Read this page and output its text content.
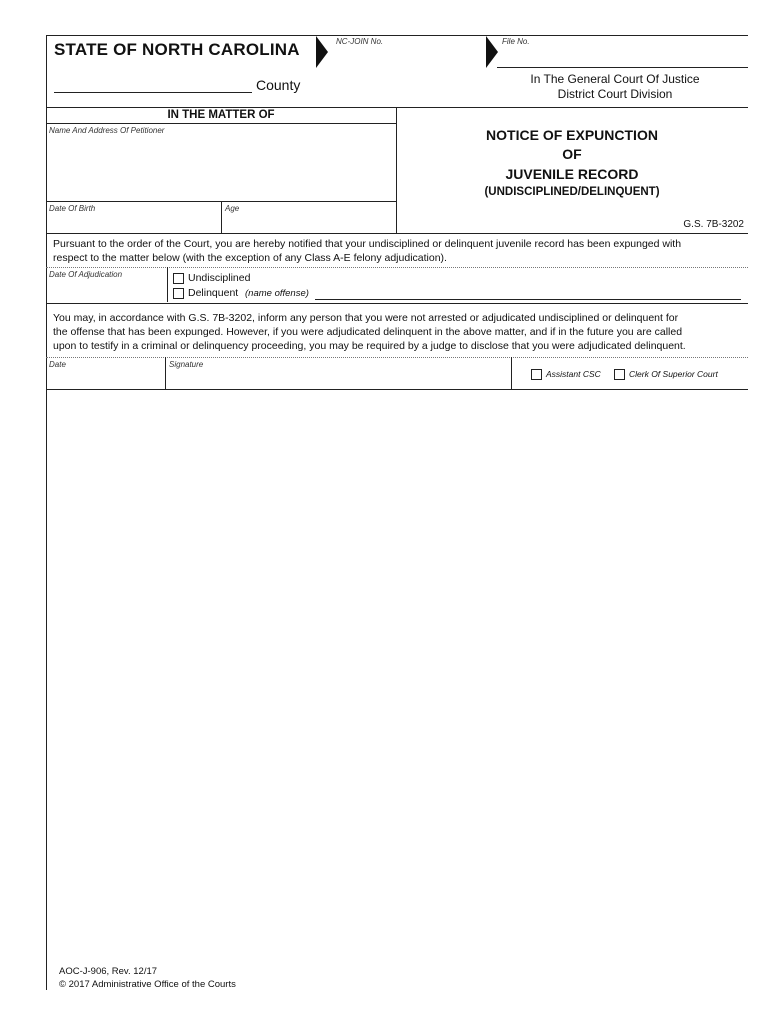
STATE OF NORTH CAROLINA	NC-JOIN No.	File No.
County	In The General Court Of Justice
District Court Division
IN THE MATTER OF
Name And Address Of Petitioner
Date Of Birth	Age
NOTICE OF EXPUNCTION
OF
JUVENILE RECORD
(UNDISCIPLINED/DELINQUENT)
G.S. 7B-3202
Pursuant to the order of the Court, you are hereby notified that your undisciplined or delinquent juvenile record has been expunged with
respect to the matter below (with the exception of any Class A-E felony adjudication).
Date Of Adjudication	Undisciplined
Delinquent (name offense)
You may, in accordance with G.S. 7B-3202, inform any person that you were not arrested or adjudicated undisciplined or delinquent for
the offense that has been expunged. However, if you were adjudicated delinquent in the above matter, and if in the future you are called
upon to testify in a criminal or delinquency proceeding, you may be required by a judge to disclose that you were adjudicated delinquent.
Date	Signature
Assistant CSC	Clerk Of Superior Court
AOC-J-906, Rev. 12/17
© 2017 Administrative Office of the Courts
